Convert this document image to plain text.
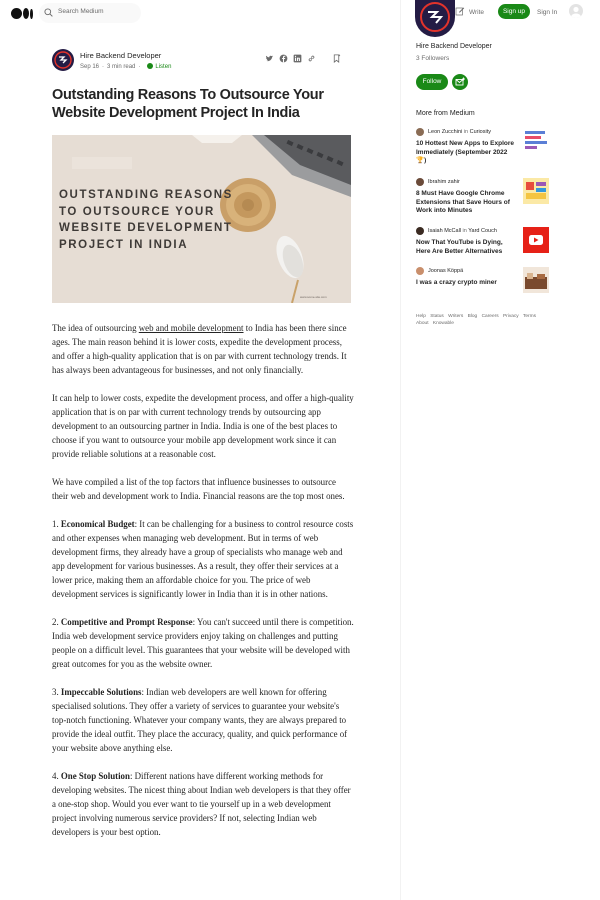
Search Medium
Hire Backend Developer
Sep 16 · 3 min read ·	Listen
Outstanding Reasons To Outsource Your Website Development Project In India
OUTSTANDING REASONS
TO OUTSOURCE YOUR
WEBSITE DEVELOPMENT
PROJECT IN INDIA
www.some-site.com

The idea of outsourcing web and mobile development to India has been there since ages. The main reason behind it is lower costs, expedite the development process, and offer a high-quality application that is on par with current technology trends. It has always been advantageous for businesses, and not only financially.

It can help to lower costs, expedite the development process, and offer a high-quality application that is on par with current technology trends by outsourcing app development to an outsourcing partner in India. India is one of the best places to choose if you want to outsource your mobile app development work since it can provide reliable solutions at a reasonable cost.

We have compiled a list of the top factors that influence businesses to outsource their web and development work to India. Financial reasons are the top most ones.

1. Economical Budget: It can be challenging for a business to control resource costs and other expenses when managing web development. But in terms of web development firms, they already have a group of specialists who manage web and app development for various businesses. As a result, they offer their services at a lower price, making them an affordable choice for you. The price of web development services is significantly lower in India than it is in other nations.

2. Competitive and Prompt Response: You can't succeed until there is competition. India web development service providers enjoy taking on challenges and putting people on a difficult level. This guarantees that your website will be developed with great outcomes for you as the website owner.

3. Impeccable Solutions: Indian web developers are well known for offering specialised solutions. They offer a variety of services to guarantee your website's top-notch functioning. Whatever your company wants, they are always prepared to provide the ideal outfit. They place the accuracy, quality, and quick performance of your website above anything else.

4. One Stop Solution: Different nations have different working methods for developing websites. The nicest thing about Indian web developers is that they offer a one-stop shop. Would you ever want to tie yourself up in a web development project involving numerous service providers? If not, selecting Indian web developers is your best option.

Write	Sign up	Sign In
Hire Backend Developer
3 Followers
Follow
More from Medium
Leon Zucchini in Curiosity
10 Hottest New Apps to Explore Immediately (September 2022 🏆)
Ibrahim zahir
8 Must Have Google Chrome Extensions that Save Hours of Work into Minutes
Isaiah McCall in Yard Couch
Now That YouTube is Dying, Here Are Better Alternatives
Joonas Köppä
I was a crazy crypto miner
Help Status Writers Blog Careers Privacy Terms About Knowable
